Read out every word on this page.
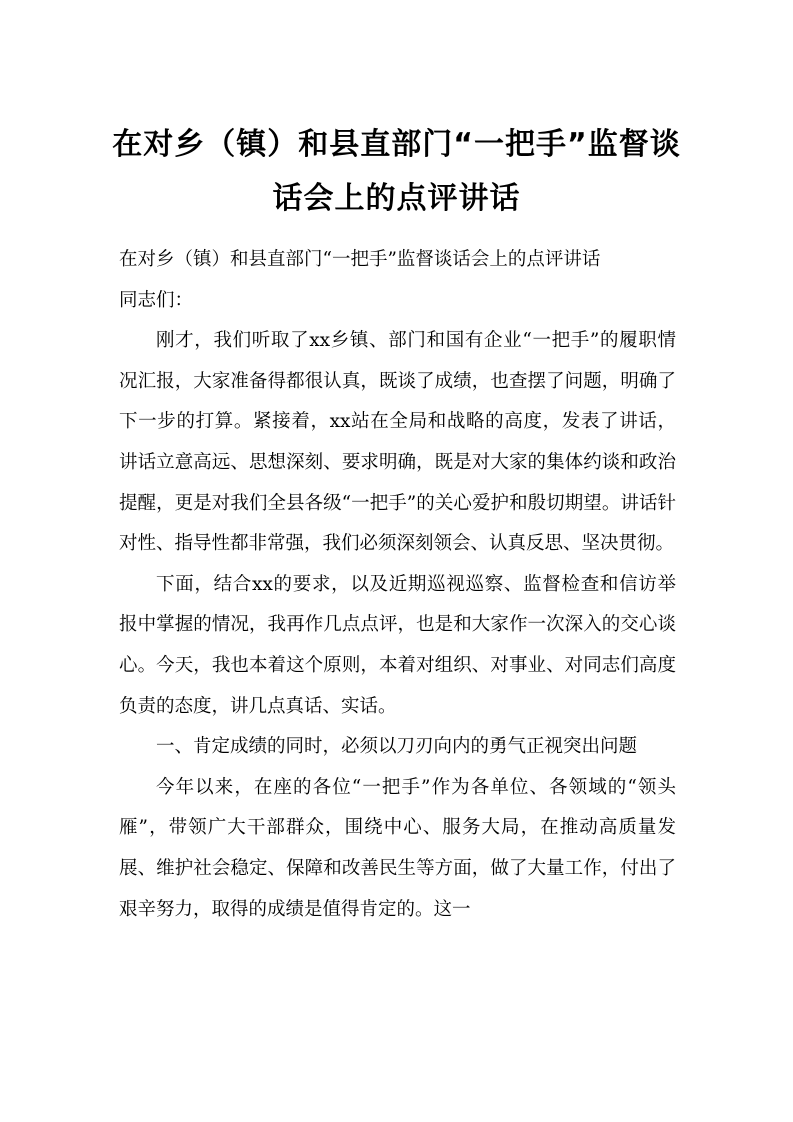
在对乡（镇）和县直部门“一把手”监督谈
话会上的点评讲话

在对乡（镇）和县直部门“一把手”监督谈话会上的点评讲话

同志们：

刚才，我们听取了xx乡镇、部门和国有企业“一把手”的履职情况汇报，大家准备得都很认真，既谈了成绩，也查摆了问题，明确了下一步的打算。紧接着，xx站在全局和战略的高度，发表了讲话，讲话立意高远、思想深刻、要求明确，既是对大家的集体约谈和政治提醒，更是对我们全县各级“一把手”的关心爱护和殷切期望。讲话针对性、指导性都非常强，我们必须深刻领会、认真反思、坚决贯彻。

下面，结合xx的要求，以及近期巡视巡察、监督检查和信访举报中掌握的情况，我再作几点点评，也是和大家作一次深入的交心谈心。今天，我也本着这个原则，本着对组织、对事业、对同志们高度负责的态度，讲几点真话、实话。

一、肯定成绩的同时，必须以刀刃向内的勇气正视突出问题

今年以来，在座的各位“一把手”作为各单位、各领域的“领头雁”，带领广大干部群众，围绕中心、服务大局，在推动高质量发展、维护社会稳定、保障和改善民生等方面，做了大量工作，付出了艰辛努力，取得的成绩是值得肯定的。这一
